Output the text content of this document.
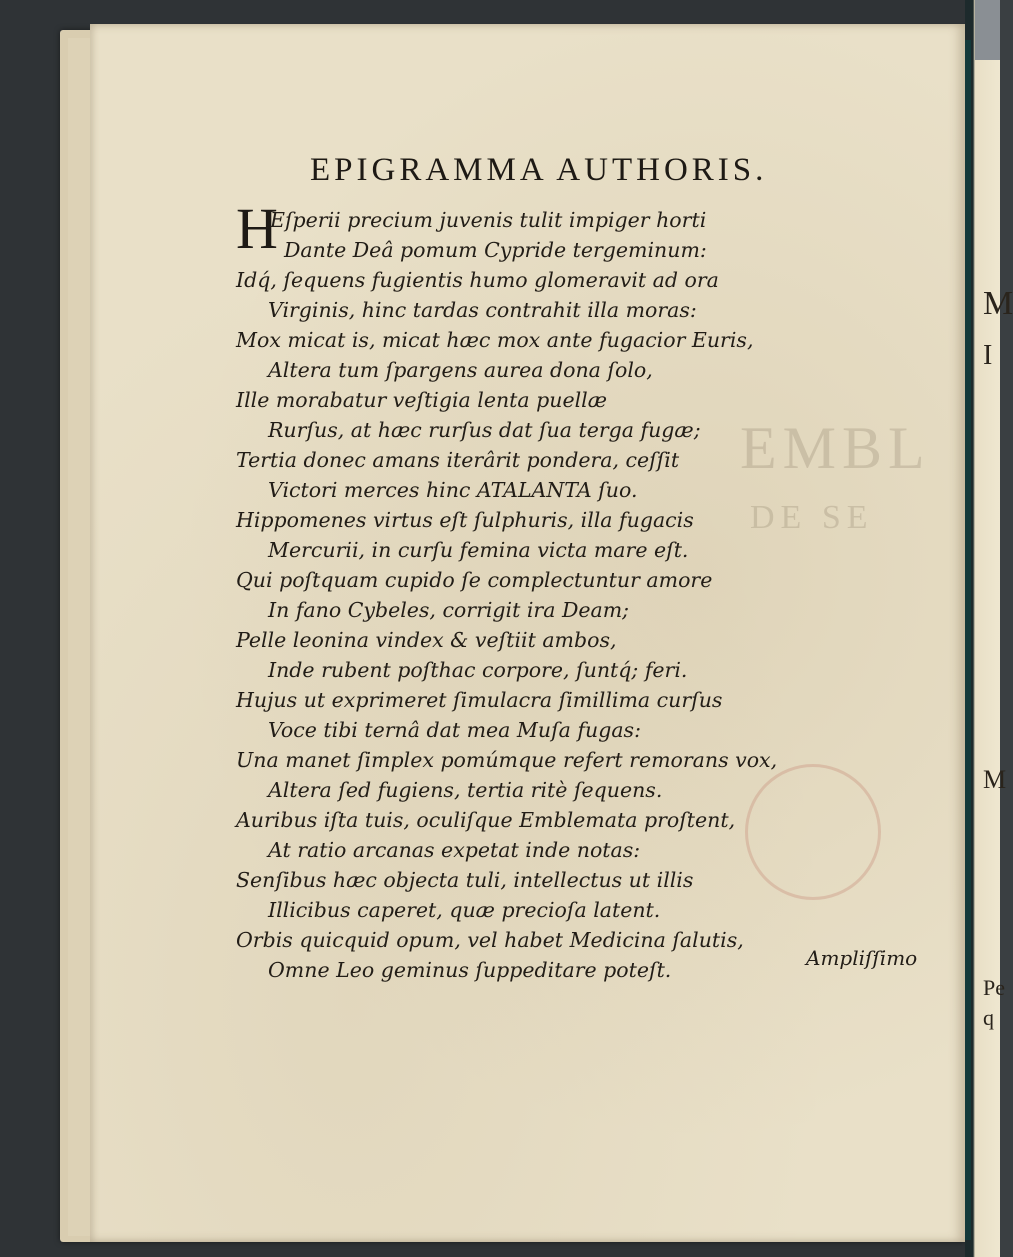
EMBL
DE SE
M
I
M
Pe
q
EPIGRAMMA AUTHORIS.
H
Eſperii precium juvenis tulit impiger horti
Dante Deâ pomum Cypride tergeminum:
Idq́, ſequens fugientis humo glomeravit ad ora
Virginis, hinc tardas contrahit illa moras:
Mox micat is, micat hæc mox ante fugacior Euris,
Altera tum ſpargens aurea dona ſolo,
Ille morabatur veſtigia lenta puellæ
Rurſus, at hæc rurſus dat ſua terga fugæ;
Tertia donec amans iterârit pondera, ceſſit
Victori merces hinc ATALANTA ſuo.
Hippomenes virtus eſt ſulphuris, illa fugacis
Mercurii, in curſu femina victa mare eſt.
Qui poſtquam cupido ſe complectuntur amore
In fano Cybeles, corrigit ira Deam;
Pelle leonina vindex & veſtiit ambos,
Inde rubent poſthac corpore, ſuntq́; feri.
Hujus ut exprimeret ſimulacra ſimillima curſus
Voce tibi ternâ dat mea Muſa fugas:
Una manet ſimplex pomúmque refert remorans vox,
Altera ſed fugiens, tertia ritè ſequens.
Auribus iſta tuis, oculiſque Emblemata proſtent,
At ratio arcanas expetat inde notas:
Senſibus hæc objecta tuli, intellectus ut illis
Illicibus caperet, quæ precioſa latent.
Orbis quicquid opum, vel habet Medicina ſalutis,
Omne Leo geminus ſuppeditare poteſt.	Ampliſſimo
